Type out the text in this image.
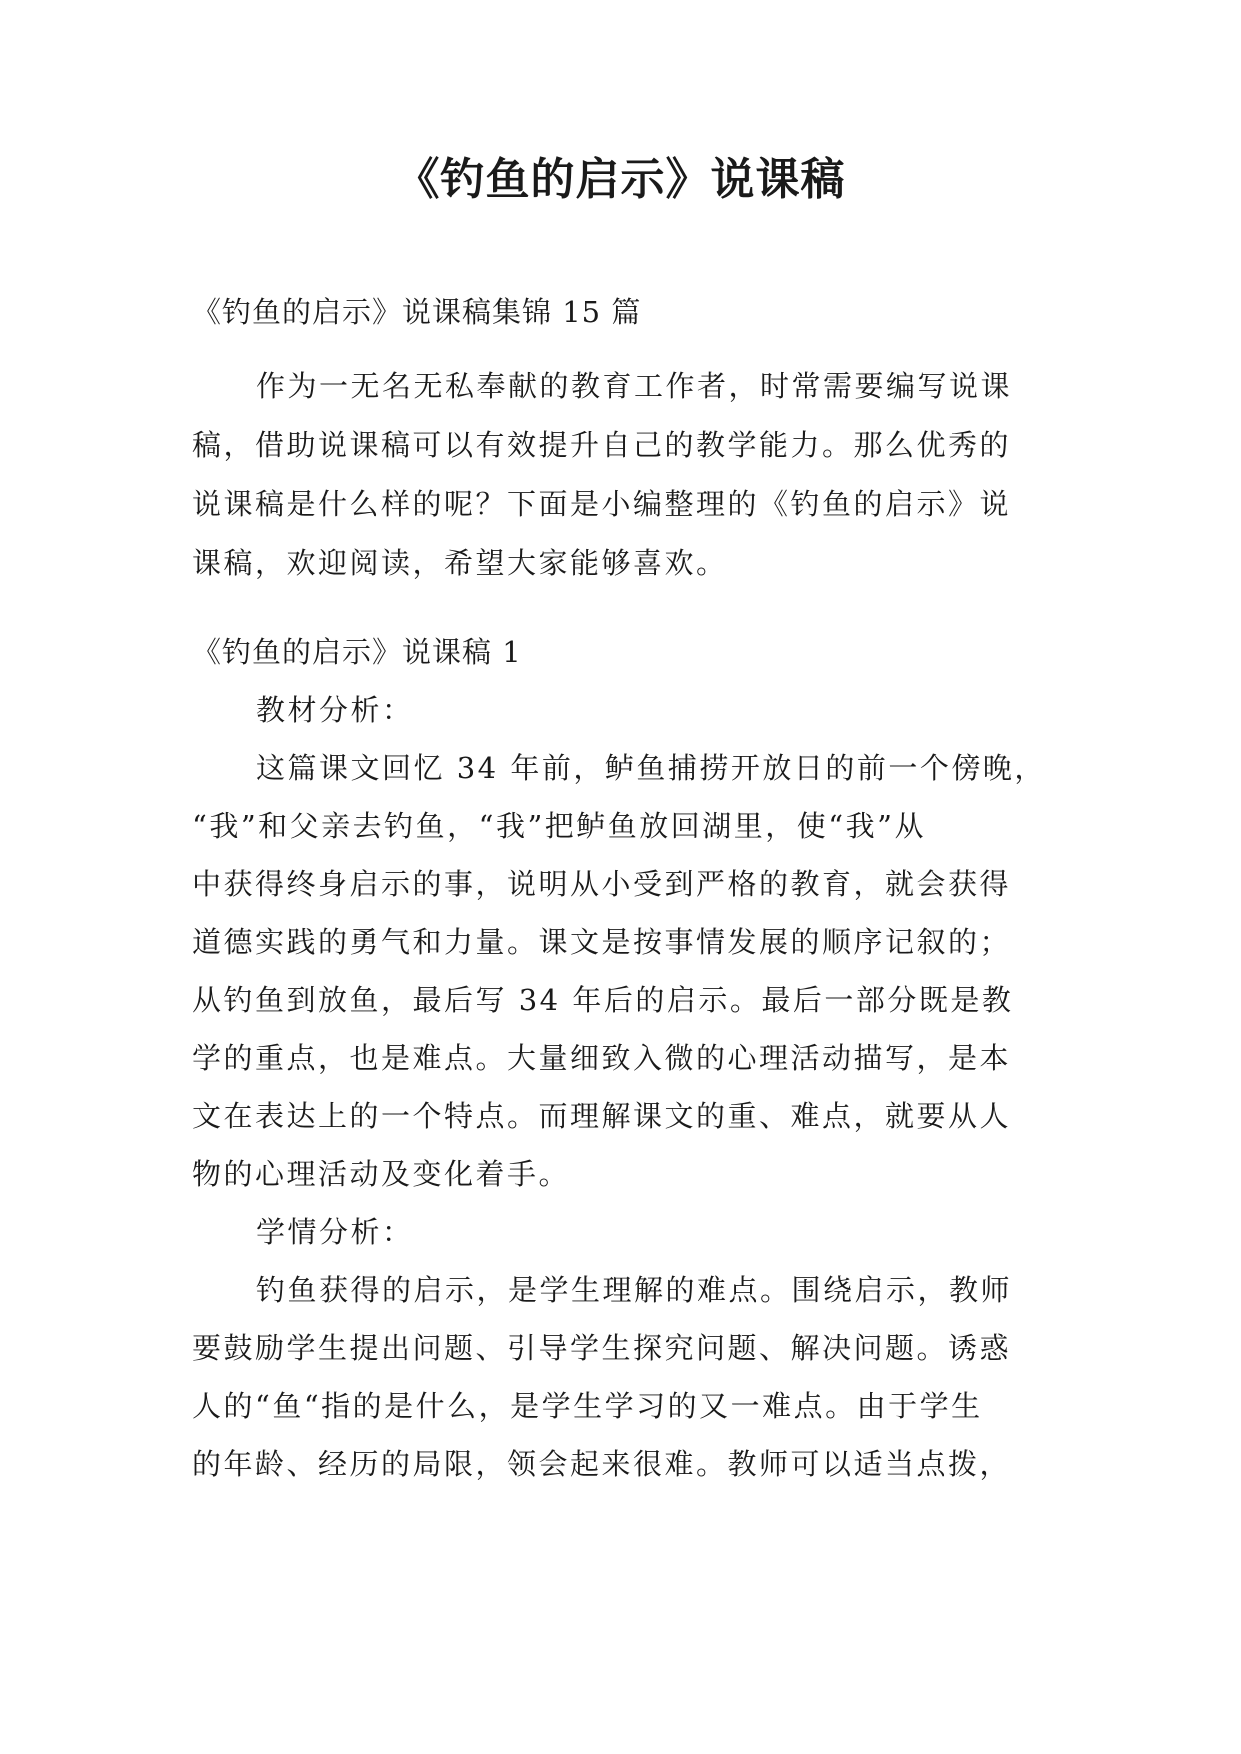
《钓鱼的启示》说课稿
《钓鱼的启示》说课稿集锦 15 篇
作为一无名无私奉献的教育工作者，时常需要编写说课
稿，借助说课稿可以有效提升自己的教学能力。那么优秀的
说课稿是什么样的呢？下面是小编整理的《钓鱼的启示》说
课稿，欢迎阅读，希望大家能够喜欢。
《钓鱼的启示》说课稿 1
教材分析：
这篇课文回忆 34 年前，鲈鱼捕捞开放日的前一个傍晚，
“我”和父亲去钓鱼，“我”把鲈鱼放回湖里，使“我”从
中获得终身启示的事，说明从小受到严格的教育，就会获得
道德实践的勇气和力量。课文是按事情发展的顺序记叙的；
从钓鱼到放鱼，最后写 34 年后的启示。最后一部分既是教
学的重点，也是难点。大量细致入微的心理活动描写，是本
文在表达上的一个特点。而理解课文的重、难点，就要从人
物的心理活动及变化着手。
学情分析：
钓鱼获得的启示，是学生理解的难点。围绕启示，教师
要鼓励学生提出问题、引导学生探究问题、解决问题。诱惑
人的“鱼“指的是什么，是学生学习的又一难点。由于学生
的年龄、经历的局限，领会起来很难。教师可以适当点拨，
